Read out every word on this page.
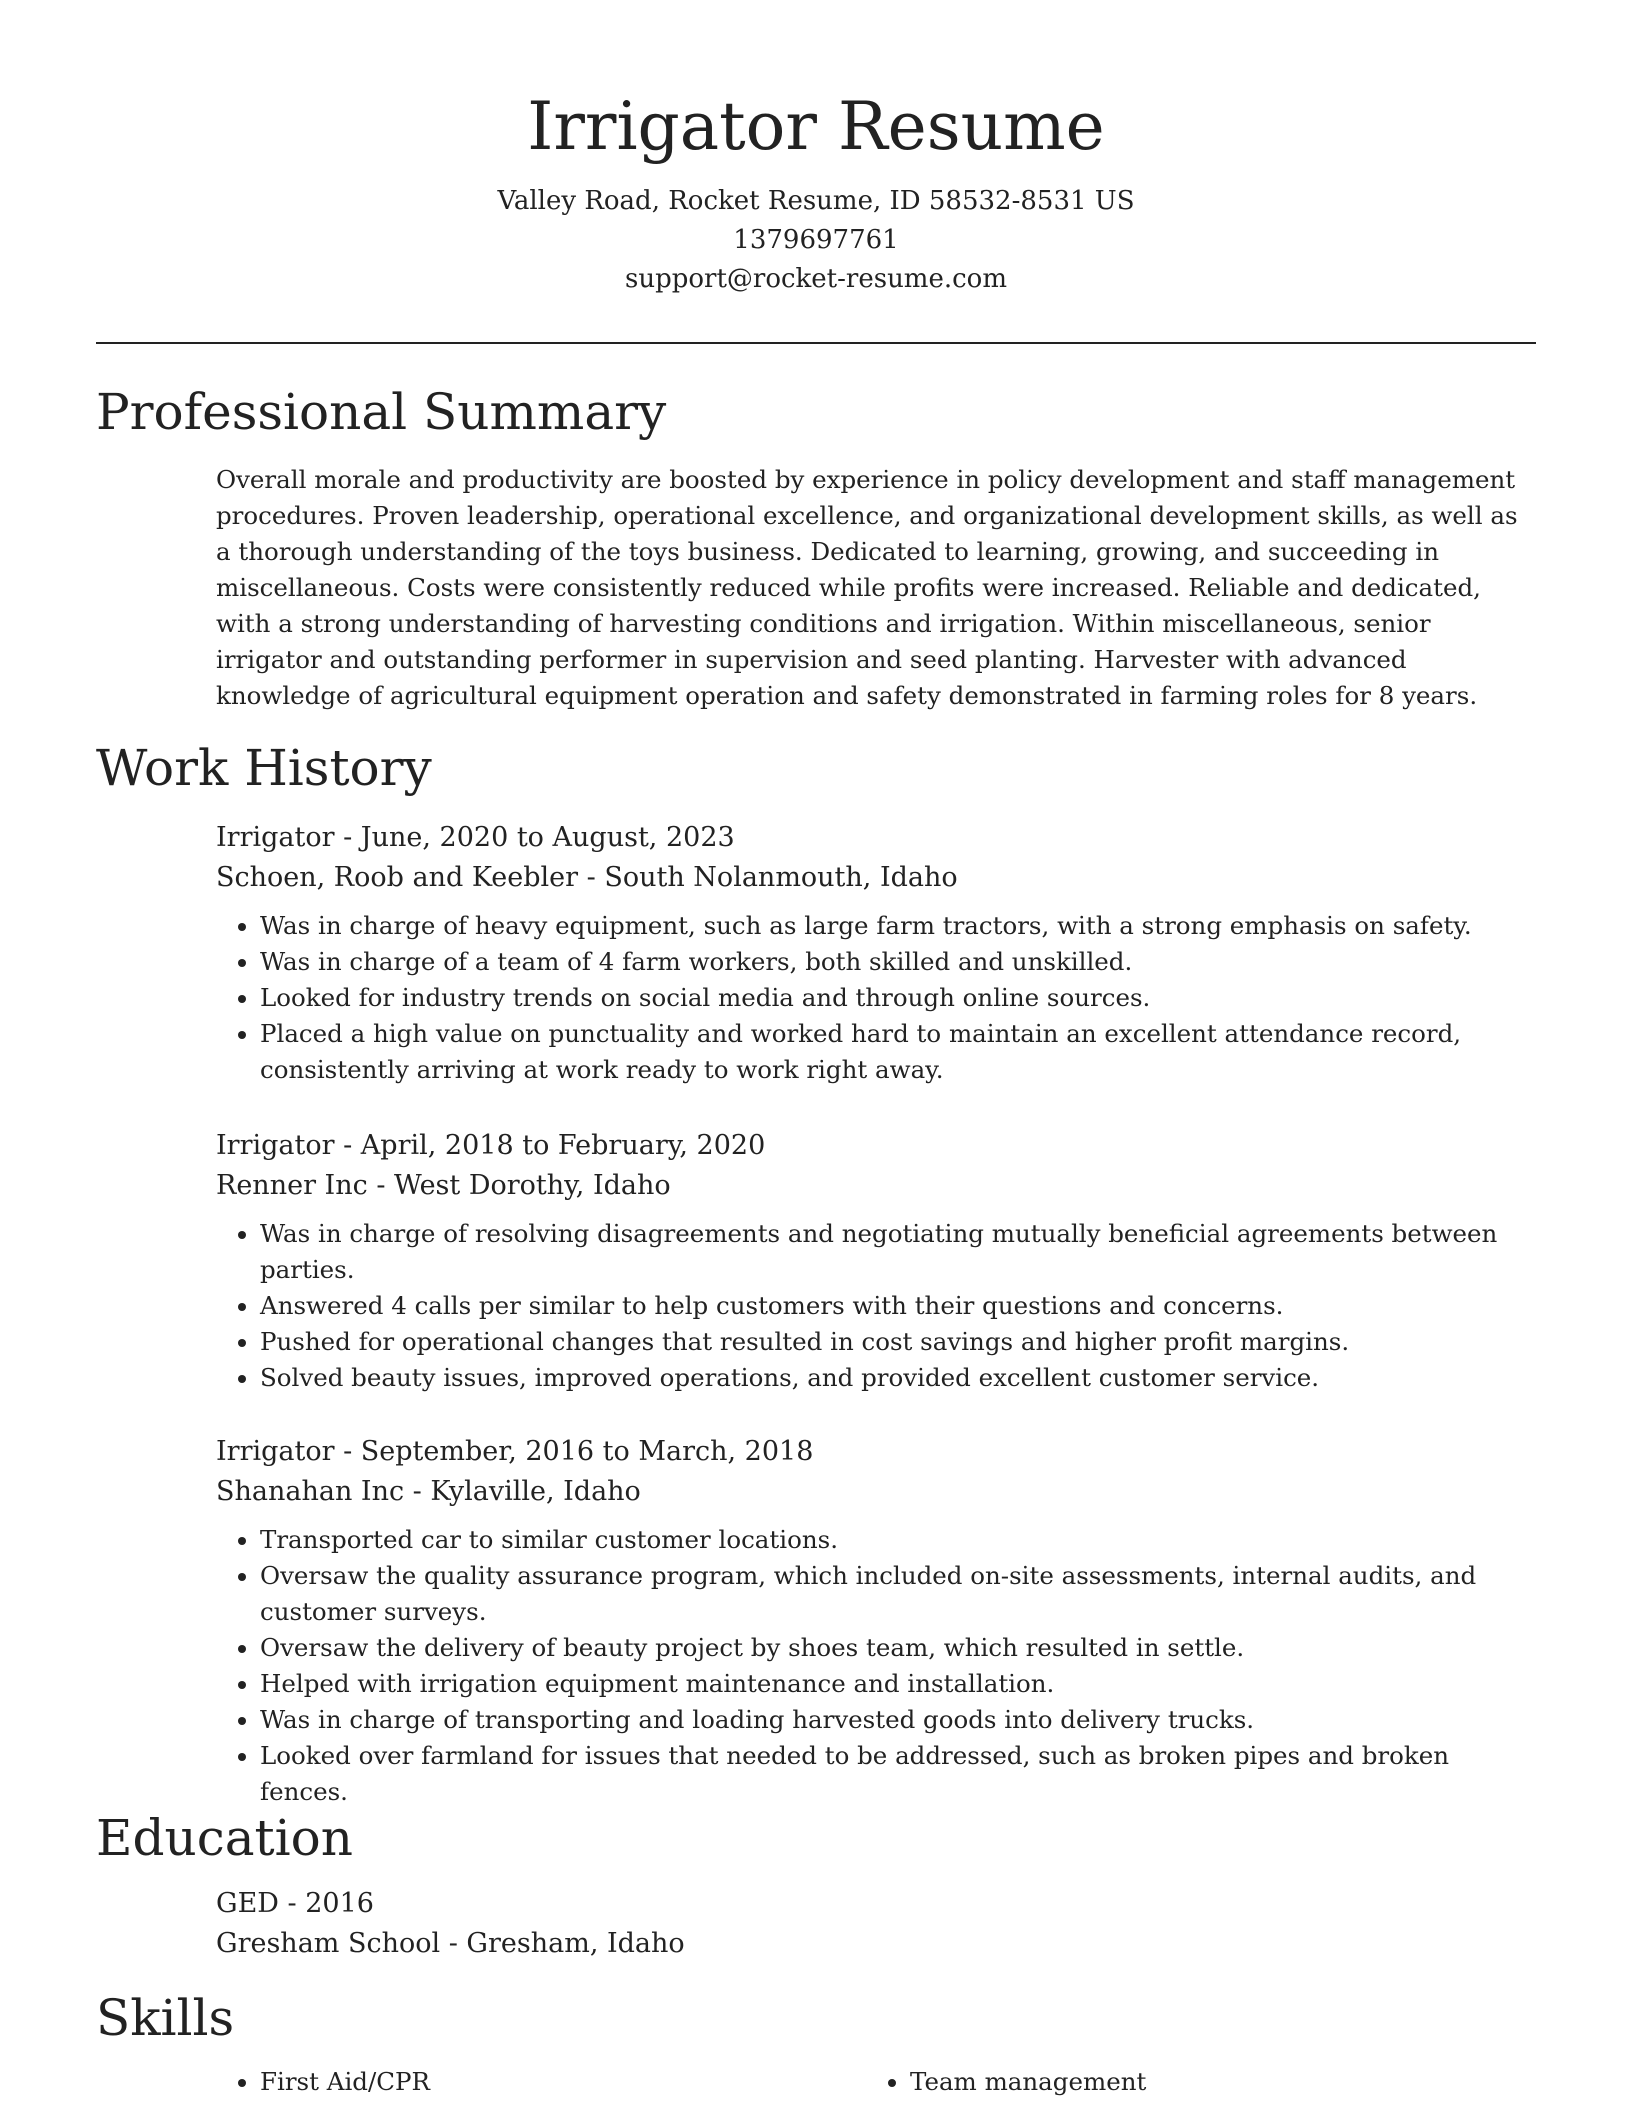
Irrigator Resume
Valley Road, Rocket Resume, ID 58532-8531 US
1379697761
support@rocket-resume.com
Professional Summary

Overall morale and productivity are boosted by experience in policy development and staff management procedures. Proven leadership, operational excellence, and organizational development skills, as well as a thorough understanding of the toys business. Dedicated to learning, growing, and succeeding in miscellaneous. Costs were consistently reduced while profits were increased. Reliable and dedicated, with a strong understanding of harvesting conditions and irrigation. Within miscellaneous, senior irrigator and outstanding performer in supervision and seed planting. Harvester with advanced knowledge of agricultural equipment operation and safety demonstrated in farming roles for 8 years.

Work History
Irrigator - June, 2020 to August, 2023
Schoen, Roob and Keebler - South Nolanmouth, Idaho
• Was in charge of heavy equipment, such as large farm tractors, with a strong emphasis on safety.
• Was in charge of a team of 4 farm workers, both skilled and unskilled.
• Looked for industry trends on social media and through online sources.
• Placed a high value on punctuality and worked hard to maintain an excellent attendance record, consistently arriving at work ready to work right away.
Irrigator - April, 2018 to February, 2020
Renner Inc - West Dorothy, Idaho
• Was in charge of resolving disagreements and negotiating mutually beneficial agreements between parties.
• Answered 4 calls per similar to help customers with their questions and concerns.
• Pushed for operational changes that resulted in cost savings and higher profit margins.
• Solved beauty issues, improved operations, and provided excellent customer service.
Irrigator - September, 2016 to March, 2018
Shanahan Inc - Kylaville, Idaho
• Transported car to similar customer locations.
• Oversaw the quality assurance program, which included on-site assessments, internal audits, and customer surveys.
• Oversaw the delivery of beauty project by shoes team, which resulted in settle.
• Helped with irrigation equipment maintenance and installation.
• Was in charge of transporting and loading harvested goods into delivery trucks.
• Looked over farmland for issues that needed to be addressed, such as broken pipes and broken fences.
Education
GED - 2016
Gresham School - Gresham, Idaho
Skills
• First Aid/CPR
•	Team management
